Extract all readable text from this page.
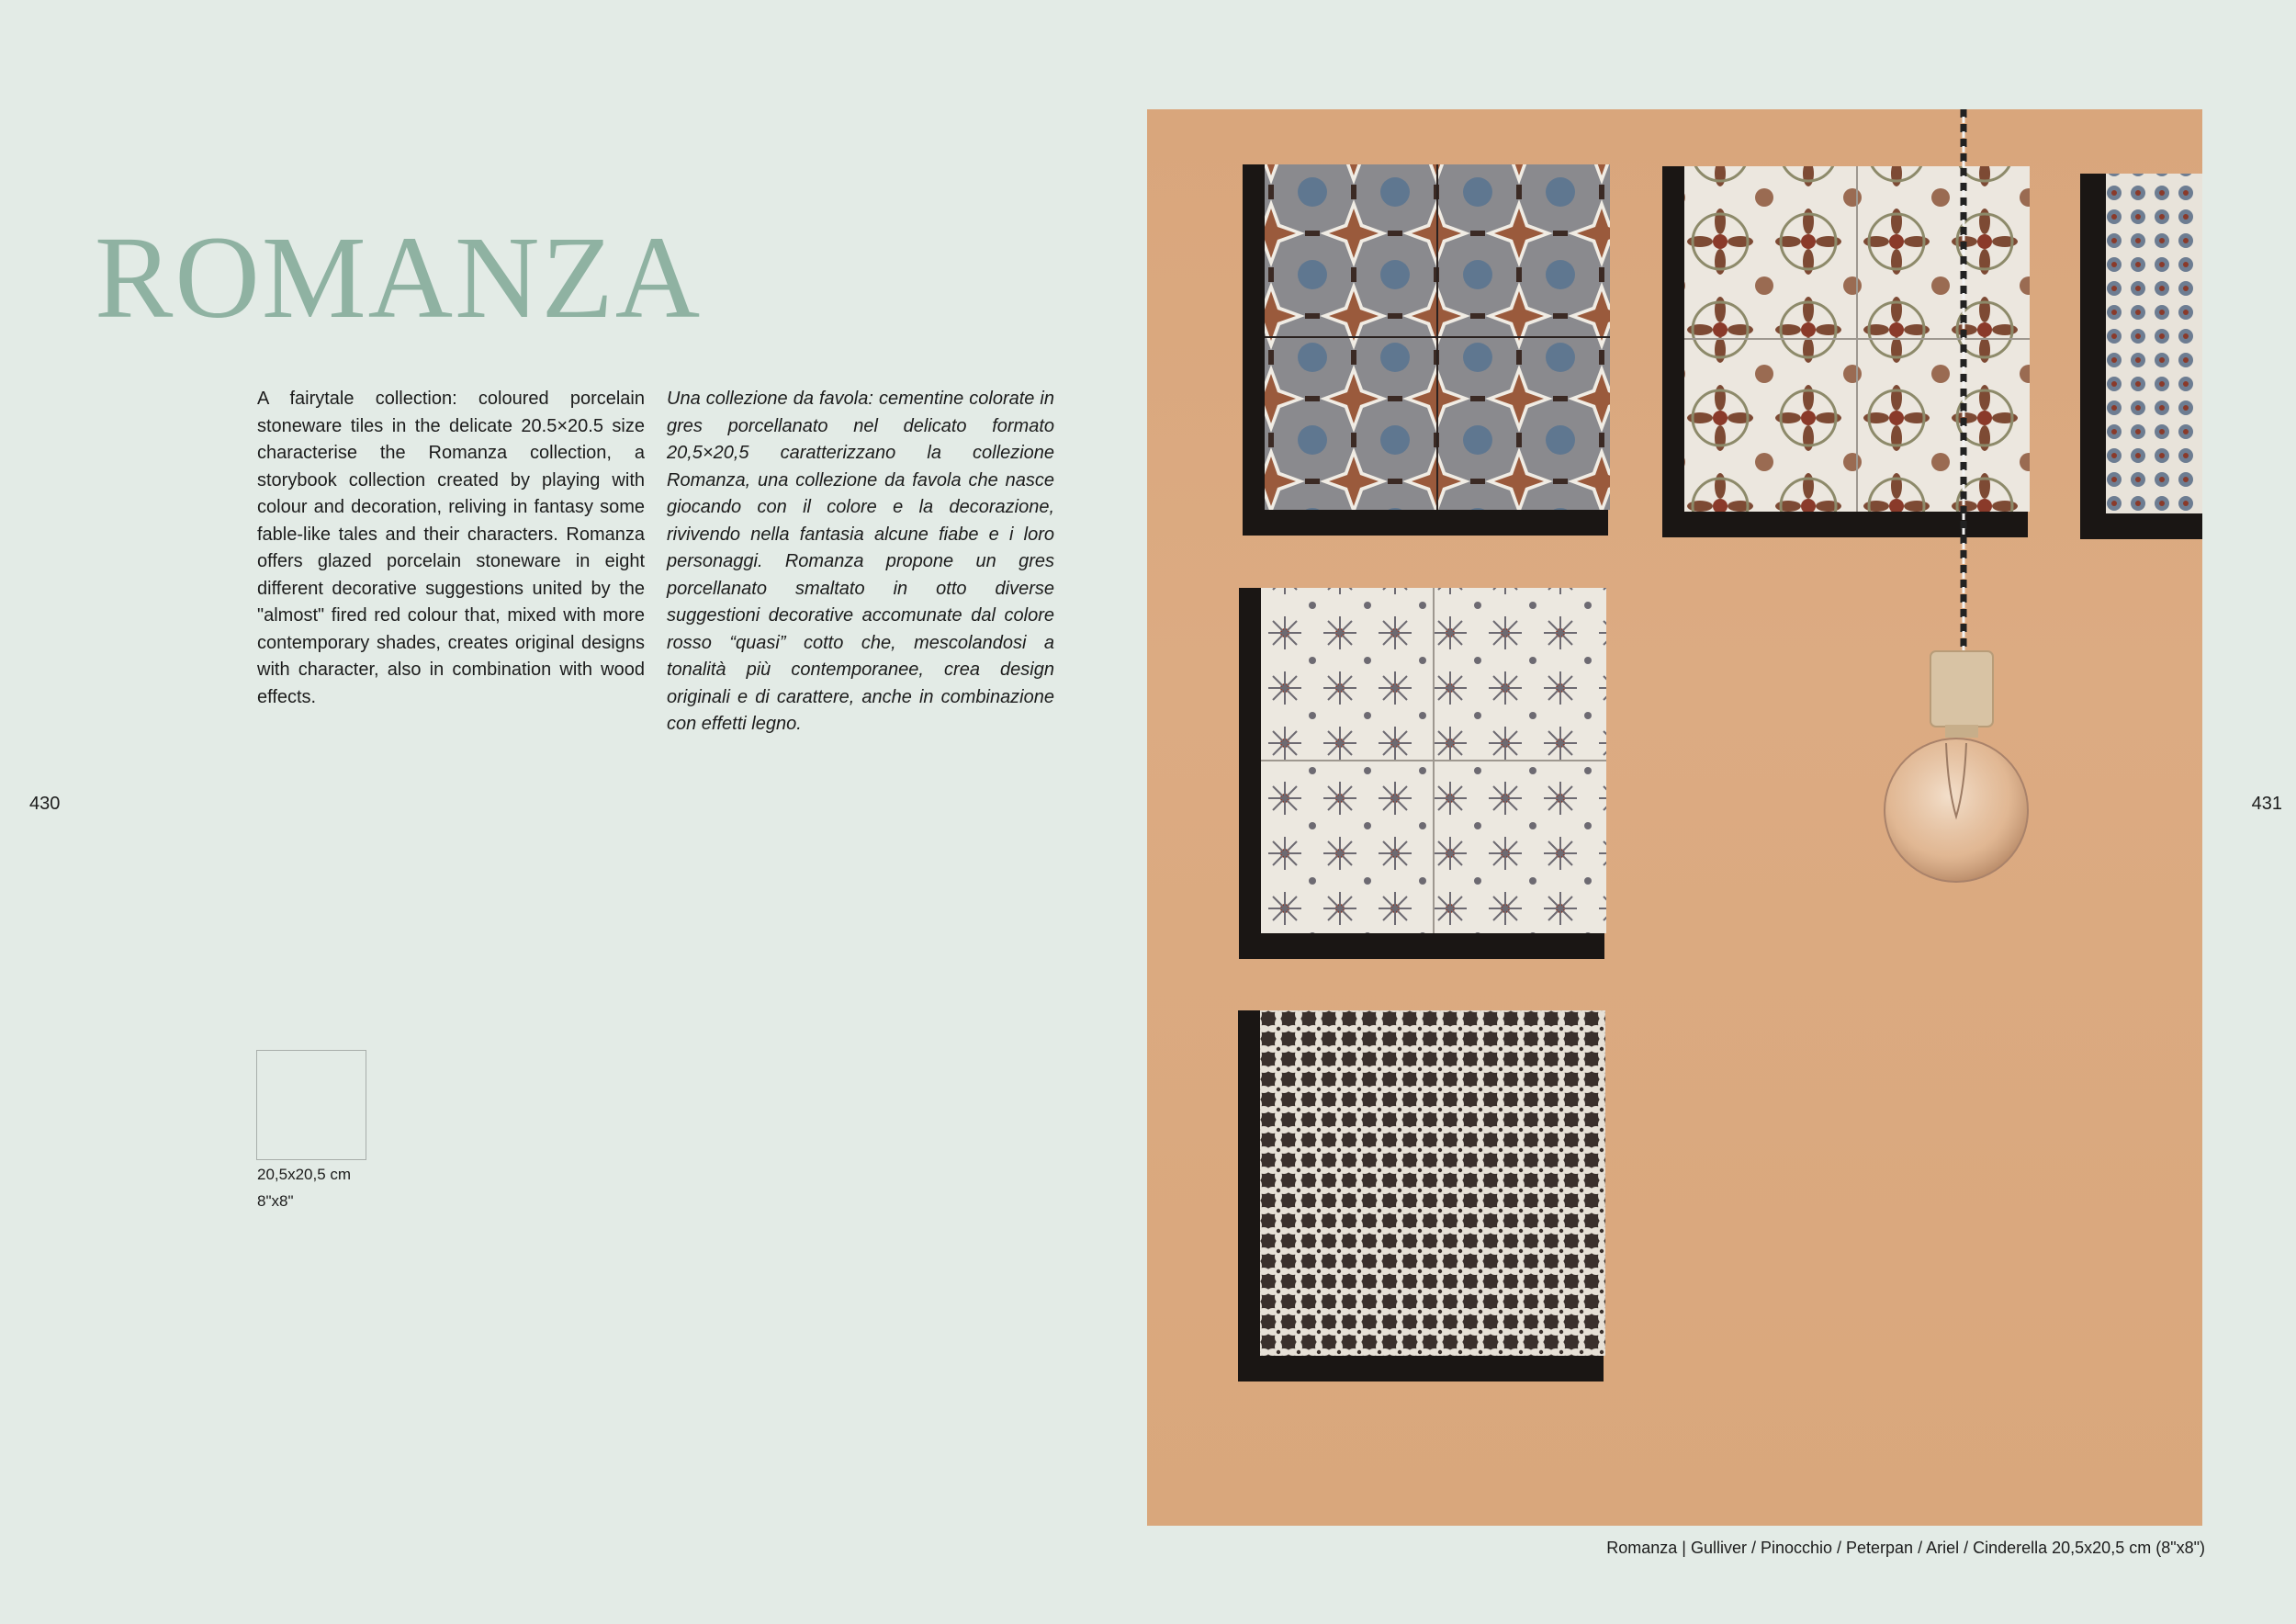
ROMANZA

A fairytale collection: coloured porcelain stoneware tiles in the delicate 20.5×20.5 size characterise the Romanza collection, a storybook collection created by playing with colour and decoration, reliving in fantasy some fable-like tales and their characters. Romanza offers glazed porcelain stoneware in eight different decorative suggestions united by the "almost" fired red colour that, mixed with more contemporary shades, creates original designs with character, also in combination with wood effects.

Una collezione da favola: cementine colorate in gres porcellanato nel delicato formato 20,5×20,5 caratterizzano la collezione Romanza, una collezione da favola che nasce giocando con il colore e la decorazione, rivivendo nella fantasia alcune fiabe e i loro personaggi. Romanza propone un gres porcellanato smaltato in otto diverse suggestioni decorative accomunate dal colore rosso “quasi” cotto che, mescolandosi a tonalità più contemporanee, crea design originali e di carattere, anche in combinazione con effetti legno.

430
20,5x20,5 cm
8"x8"
431
Romanza | Gulliver / Pinocchio / Peterpan / Ariel / Cinderella 20,5x20,5 cm (8"x8")
